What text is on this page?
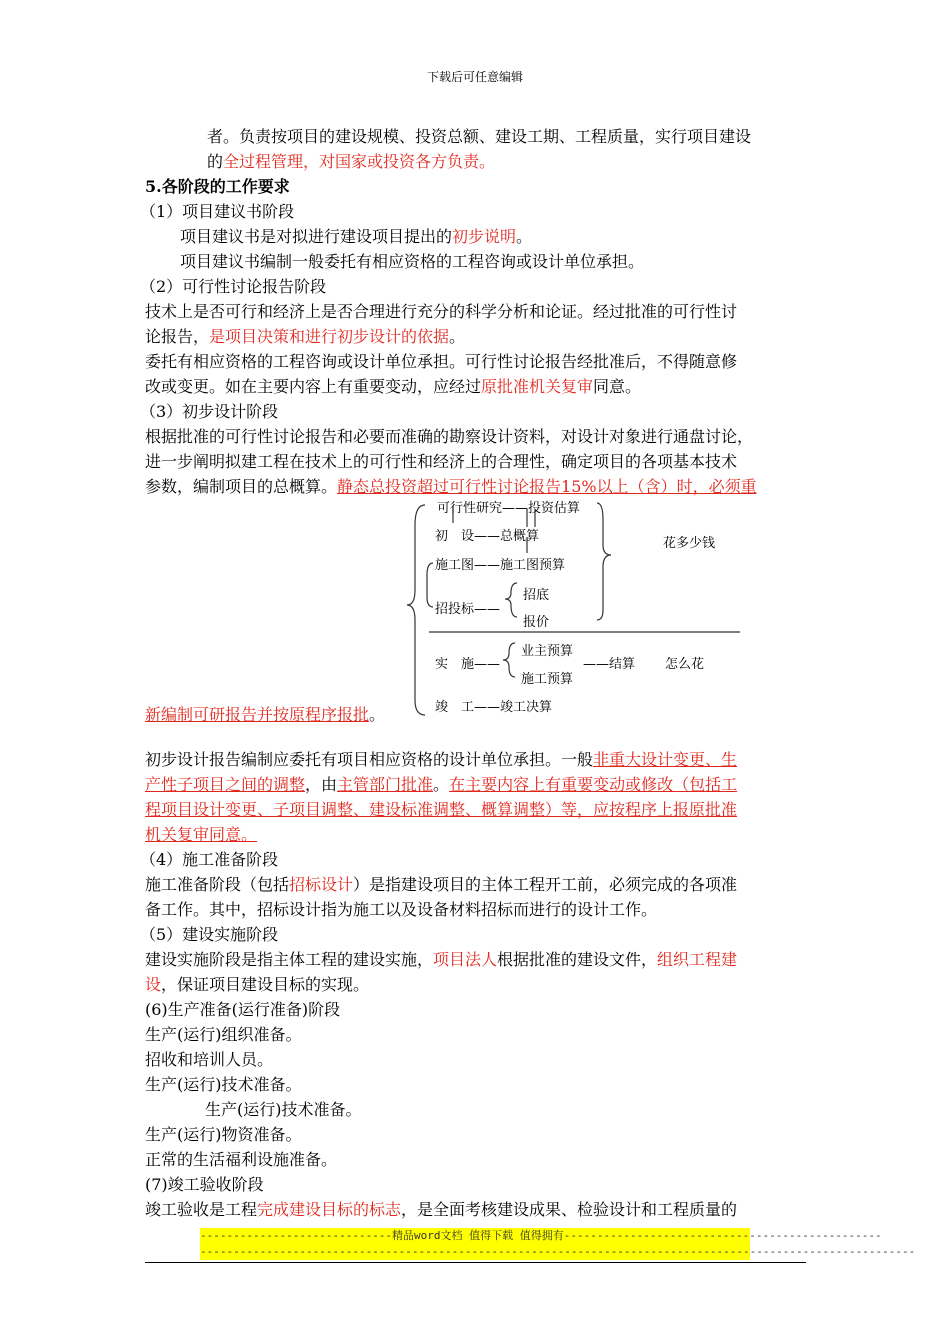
下载后可任意编辑
者。负责按项目的建设规模、投资总额、建设工期、工程质量，实行项目建设
的全过程管理，对国家或投资各方负责。
5.各阶段的工作要求
（1）项目建议书阶段
项目建议书是对拟进行建设项目提出的初步说明。
项目建议书编制一般委托有相应资格的工程咨询或设计单位承担。
（2）可行性讨论报告阶段
技术上是否可行和经济上是否合理进行充分的科学分析和论证。经过批准的可行性讨
论报告，是项目决策和进行初步设计的依据。
委托有相应资格的工程咨询或设计单位承担。可行性讨论报告经批准后，不得随意修
改或变更。如在主要内容上有重要变动，应经过原批准机关复审同意。
（3）初步设计阶段
根据批准的可行性讨论报告和必要而准确的勘察设计资料，对设计对象进行通盘讨论，
进一步阐明拟建工程在技术上的可行性和经济上的合理性，确定项目的各项基本技术
参数，编制项目的总概算。静态总投资超过可行性讨论报告15%以上（含）时，必须重
可行性研究——投资估算
初　设——总概算
施工图——施工图预算
招投标——
招底
报价
花多少钱
实　施——
业主预算
施工预算
——结算 怎么花
竣　工——竣工决算
新编制可研报告并按原程序报批。
初步设计报告编制应委托有项目相应资格的设计单位承担。一般非重大设计变更、生
产性子项目之间的调整，由主管部门批准。在主要内容上有重要变动或修改（包括工
程项目设计变更、子项目调整、建设标准调整、概算调整）等，应按程序上报原批准
机关复审同意。
（4）施工准备阶段
施工准备阶段（包括招标设计）是指建设项目的主体工程开工前，必须完成的各项准
备工作。其中，招标设计指为施工以及设备材料招标而进行的设计工作。
（5）建设实施阶段
建设实施阶段是指主体工程的建设实施，项目法人根据批准的建设文件，组织工程建
设，保证项目建设目标的实现。
(6)生产准备(运行准备)阶段
生产(运行)组织准备。
招收和培训人员。
生产(运行)技术准备。
生产(运行)技术准备。
生产(运行)物资准备。
正常的生活福利设施准备。
(7)竣工验收阶段
竣工验收是工程完成建设目标的标志，是全面考核建设成果、检验设计和工程质量的
-----------------------------精品word文档 值得下载 值得拥有------------------------------------------------
------------------------------------------------------------------------------------------------------------
